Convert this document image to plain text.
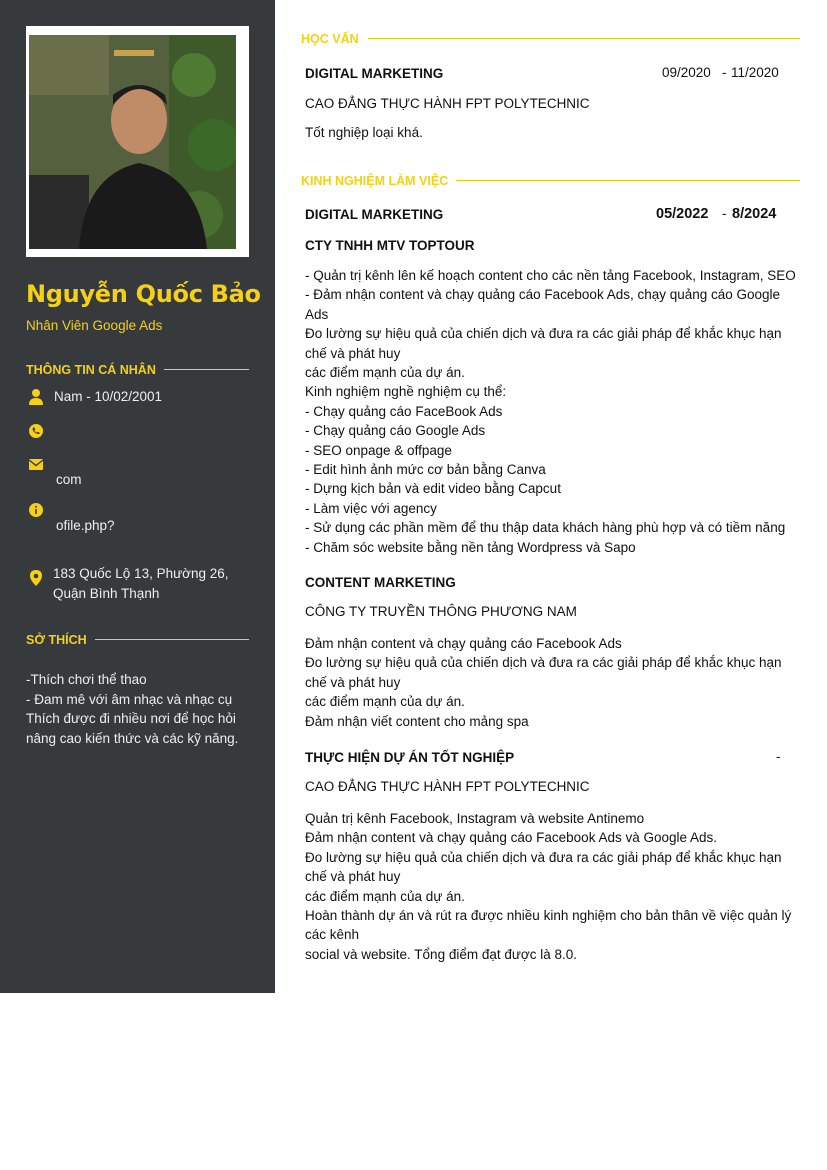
Nguyễn Quốc Bảo
Nhân Viên Google Ads
THÔNG TIN CÁ NHÂN
Nam - 10/02/2001
com
ofile.php?
183 Quốc Lộ 13, Phường 26,
Quận Bình Thạnh
SỞ THÍCH
-Thích chơi thể thao
- Đam mê với âm nhạc và nhạc cụ
Thích được đi nhiều nơi để học hỏi
nâng cao kiến thức và các kỹ năng.
HỌC VẤN
DIGITAL MARKETING	09/2020 - 11/2020
CAO ĐẲNG THỰC HÀNH FPT POLYTECHNIC
Tốt nghiệp loại khá.
KINH NGHIỆM LÀM VIỆC
DIGITAL MARKETING	05/2022 - 8/2024
CTY TNHH MTV TOPTOUR
- Quản trị kênh lên kế hoạch content cho các nền tảng Facebook, Instagram, SEO
- Đảm nhận content và chạy quảng cáo Facebook Ads, chạy quảng cáo Google
Ads
Đo lường sự hiệu quả của chiến dịch và đưa ra các giải pháp để khắc khục hạn
chế và phát huy
các điểm mạnh của dự án.
Kinh nghiệm nghề nghiệm cụ thể:
- Chạy quảng cáo FaceBook Ads
- Chạy quảng cáo Google Ads
- SEO onpage & offpage
- Edit hình ảnh mức cơ bản bằng Canva
- Dựng kịch bản và edit video bằng Capcut
- Làm việc với agency
- Sử dụng các phần mềm để thu thập data khách hàng phù hợp và có tiềm năng
- Chăm sóc website bằng nền tảng Wordpress và Sapo
CONTENT MARKETING
CÔNG TY TRUYỀN THÔNG PHƯƠNG NAM
Đảm nhận content và chạy quảng cáo Facebook Ads
Đo lường sự hiệu quả của chiến dịch và đưa ra các giải pháp để khắc khục hạn
chế và phát huy
các điểm mạnh của dự án.
Đảm nhận viết content cho mảng spa
THỰC HIỆN DỰ ÁN TỐT NGHIỆP	-
CAO ĐẲNG THỰC HÀNH FPT POLYTECHNIC
Quản trị kênh Facebook, Instagram và website Antinemo
Đảm nhận content và chạy quảng cáo Facebook Ads và Google Ads.
Đo lường sự hiệu quả của chiến dịch và đưa ra các giải pháp để khắc khục hạn
chế và phát huy
các điểm mạnh của dự án.
Hoàn thành dự án và rút ra được nhiều kinh nghiệm cho bản thân về việc quản lý
các kênh
social và website. Tổng điểm đạt được là 8.0.
